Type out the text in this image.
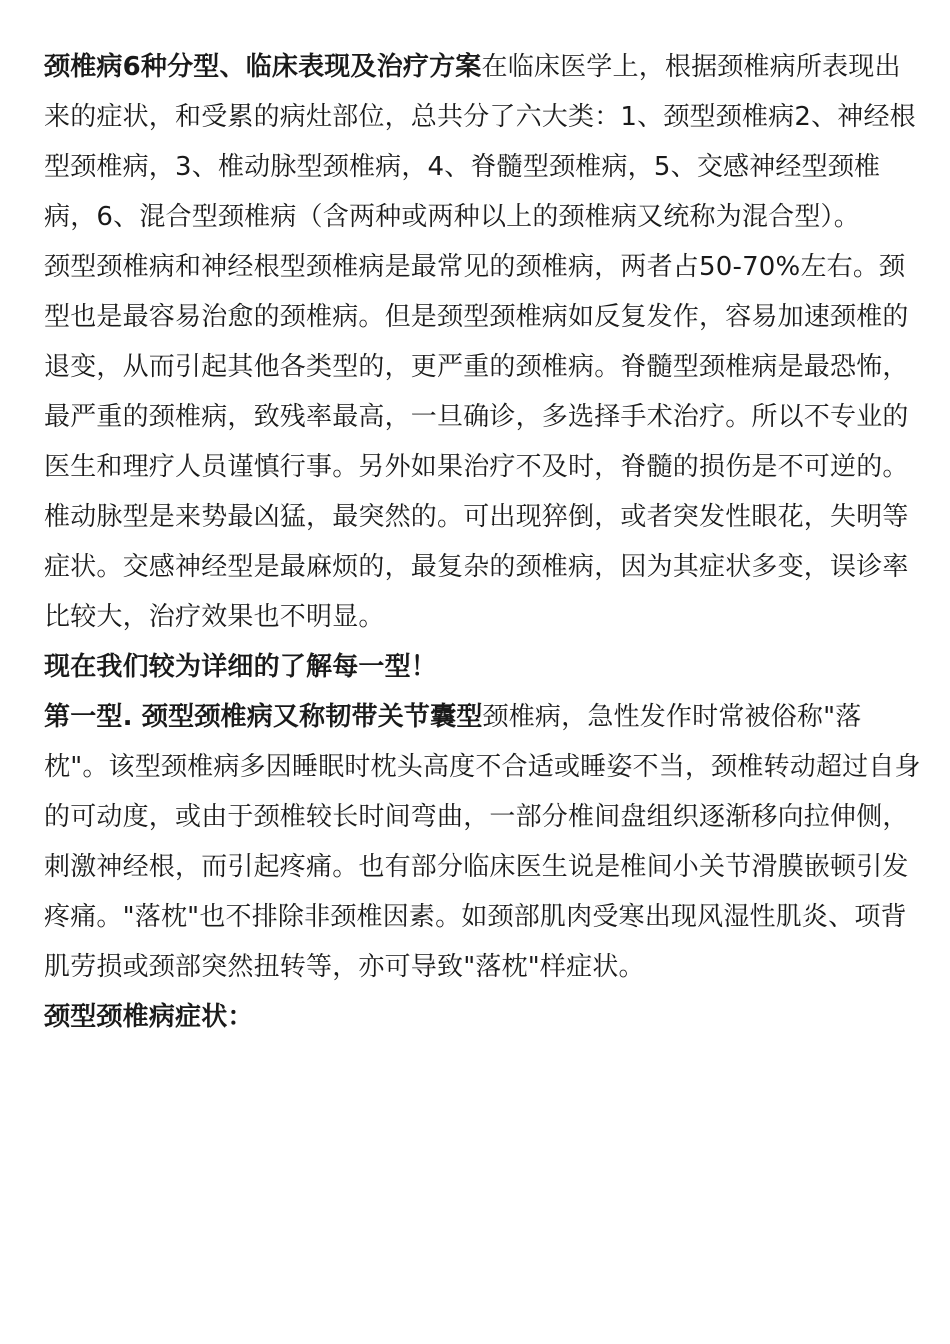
颈椎病6种分型、临床表现及治疗方案在临床医学上，根据颈椎病所表现出来的症状，和受累的病灶部位，总共分了六大类：1、颈型颈椎病2、神经根型颈椎病，3、椎动脉型颈椎病，4、脊髓型颈椎病，5、交感神经型颈椎病，6、混合型颈椎病（含两种或两种以上的颈椎病又统称为混合型）。

颈型颈椎病和神经根型颈椎病是最常见的颈椎病，两者占50-70%左右。颈型也是最容易治愈的颈椎病。但是颈型颈椎病如反复发作，容易加速颈椎的退变，从而引起其他各类型的，更严重的颈椎病。脊髓型颈椎病是最恐怖，最严重的颈椎病，致残率最高，一旦确诊，多选择手术治疗。所以不专业的医生和理疗人员谨慎行事。另外如果治疗不及时，脊髓的损伤是不可逆的。椎动脉型是来势最凶猛，最突然的。可出现猝倒，或者突发性眼花，失明等症状。交感神经型是最麻烦的，最复杂的颈椎病，因为其症状多变，误诊率比较大，治疗效果也不明显。

现在我们较为详细的了解每一型！

第一型. 颈型颈椎病又称韧带关节囊型颈椎病，急性发作时常被俗称"落枕"。该型颈椎病多因睡眠时枕头高度不合适或睡姿不当，颈椎转动超过自身的可动度，或由于颈椎较长时间弯曲，一部分椎间盘组织逐渐移向拉伸侧，刺激神经根，而引起疼痛。也有部分临床医生说是椎间小关节滑膜嵌顿引发疼痛。"落枕"也不排除非颈椎因素。如颈部肌肉受寒出现风湿性肌炎、项背肌劳损或颈部突然扭转等，亦可导致"落枕"样症状。

颈型颈椎病症状：
